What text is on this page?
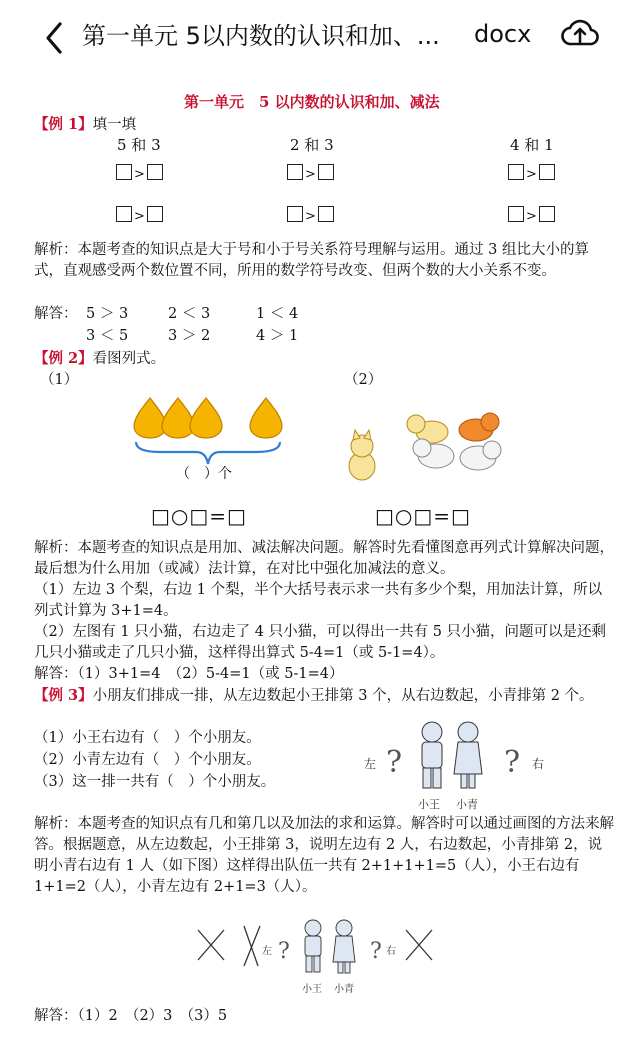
第一单元 5以内数的认识和加、...	docx
第一单元　5 以内数的认识和加、减法
【例 1】填一填
5 和 3	2 和 3	4 和 1
>	>	>
>	>	>
解析：本题考查的知识点是大于号和小于号关系符号理解与运用。通过 3 组比大小的算式，直观感受两个数位置不同，所用的数学符号改变、但两个数的大小关系不变。
解答： 5 ＞ 3	2 ＜ 3	1 ＜ 4
3 ＜ 5	3 ＞ 2	4 ＞ 1
【例 2】看图列式。
（1）	（2）
（　）个
□○□=□	□○□=□
解析：本题考查的知识点是用加、减法解决问题。解答时先看懂图意再列式计算解决问题，最后想为什么用加（或减）法计算，在对比中强化加减法的意义。
（1）左边 3 个梨，右边 1 个梨，半个大括号表示求一共有多少个梨，用加法计算，所以列式计算为 3+1=4。
（2）左图有 1 只小猫，右边走了 4 只小猫，可以得出一共有 5 只小猫，问题可以是还剩几只小猫或走了几只小猫，这样得出算式 5-4=1（或 5-1=4）。
解答：（1）3+1=4　（2）5-4=1（或 5-1=4）
【例 3】小朋友们排成一排，从左边数起小王排第 3 个，从右边数起，小青排第 2 个。
（1）小王右边有（　）个小朋友。
（2）小青左边有（　）个小朋友。
（3）这一排一共有（　）个小朋友。
左 ?	? 右
小王 小青
解析：本题考查的知识点有几和第几以及加法的求和运算。解答时可以通过画图的方法来解答。根据题意，从左边数起，小王排第 3，说明左边有 2 人，右边数起，小青排第 2，说明小青右边有 1 人（如下图）这样得出队伍一共有 2+1+1+1=5（人），小王右边有 1+1=2（人），小青左边有 2+1=3（人）。
左 ?	? 右
小王 小青
解答：（1）2　（2）3　（3）5
